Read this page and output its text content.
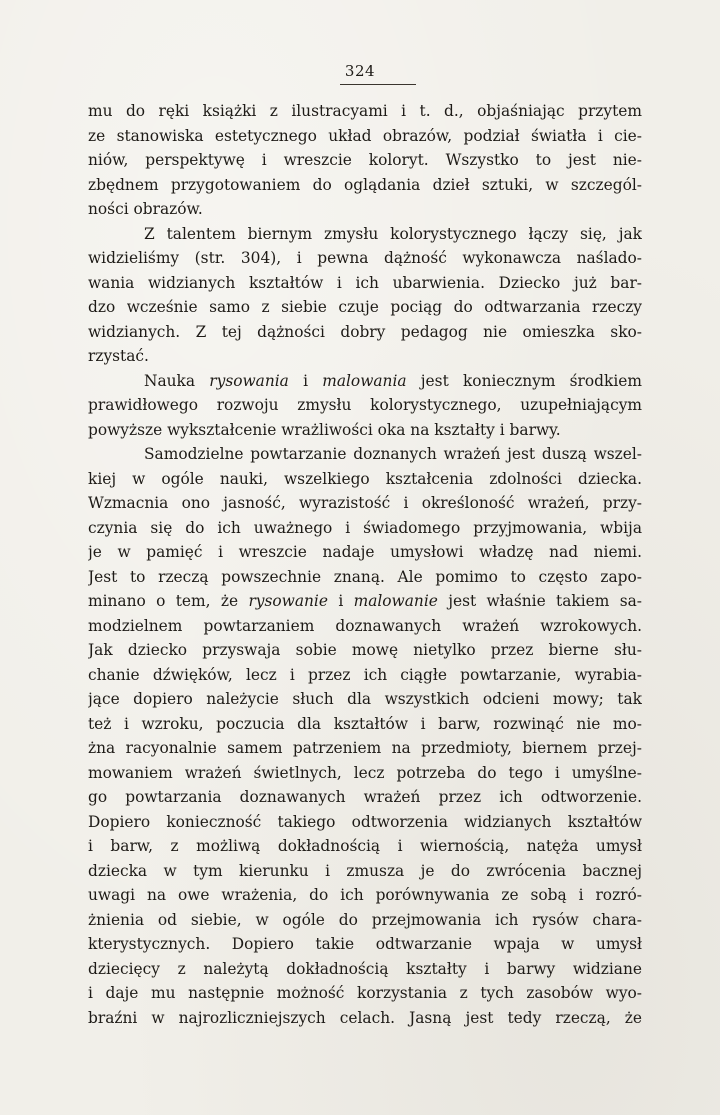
324
mu do ręki książki z ilustracyami i t. d., objaśniając przytem
ze stanowiska estetycznego układ obrazów, podział światła i cie-
niów, perspektywę i wreszcie koloryt. Wszystko to jest nie-
zbędnem przygotowaniem do oglądania dzieł sztuki, w szczegól-
ności obrazów.
Z talentem biernym zmysłu kolorystycznego łączy się, jak
widzieliśmy (str. 304), i pewna dążność wykonawcza naślado-
wania widzianych kształtów i ich ubarwienia. Dziecko już bar-
dzo wcześnie samo z siebie czuje pociąg do odtwarzania rzeczy
widzianych. Z tej dążności dobry pedagog nie omieszka sko-
rzystać.
Nauka rysowania i malowania jest koniecznym środkiem
prawidłowego rozwoju zmysłu kolorystycznego, uzupełniającym
powyższe wykształcenie wrażliwości oka na kształty i barwy.
Samodzielne powtarzanie doznanych wrażeń jest duszą wszel-
kiej w ogóle nauki, wszelkiego kształcenia zdolności dziecka.
Wzmacnia ono jasność, wyrazistość i określoność wrażeń, przy-
czynia się do ich uważnego i świadomego przyjmowania, wbija
je w pamięć i wreszcie nadaje umysłowi władzę nad niemi.
Jest to rzeczą powszechnie znaną. Ale pomimo to często zapo-
minano o tem, że rysowanie i malowanie jest właśnie takiem sa-
modzielnem powtarzaniem doznawanych wrażeń wzrokowych.
Jak dziecko przyswaja sobie mowę nietylko przez bierne słu-
chanie dźwięków, lecz i przez ich ciągłe powtarzanie, wyrabia-
jące dopiero należycie słuch dla wszystkich odcieni mowy; tak
też i wzroku, poczucia dla kształtów i barw, rozwinąć nie mo-
żna racyonalnie samem patrzeniem na przedmioty, biernem przej-
mowaniem wrażeń świetlnych, lecz potrzeba do tego i umyślne-
go powtarzania doznawanych wrażeń przez ich odtworzenie.
Dopiero konieczność takiego odtworzenia widzianych kształtów
i barw, z możliwą dokładnością i wiernością, natęża umysł
dziecka w tym kierunku i zmusza je do zwrócenia bacznej
uwagi na owe wrażenia, do ich porównywania ze sobą i rozró-
żnienia od siebie, w ogóle do przejmowania ich rysów chara-
kterystycznych. Dopiero takie odtwarzanie wpaja w umysł
dziecięcy z należytą dokładnością kształty i barwy widziane
i daje mu następnie możność korzystania z tych zasobów wyo-
braźni w najrozliczniejszych celach. Jasną jest tedy rzeczą, że
